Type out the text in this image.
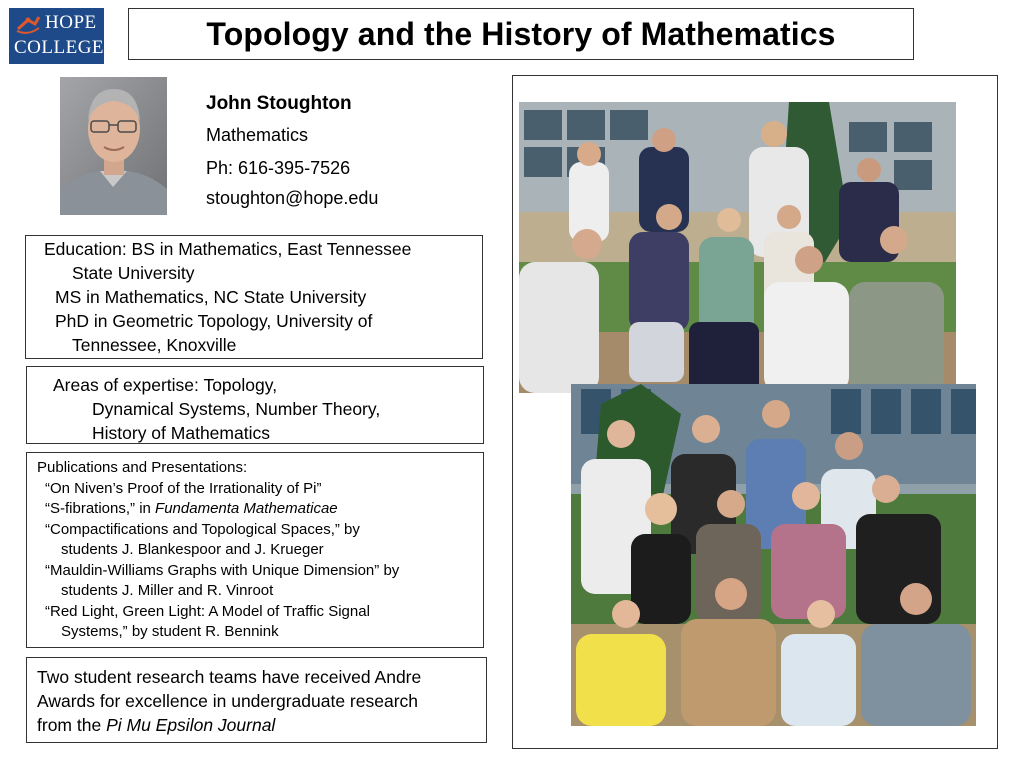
HOPE
COLLEGE	Topology and the History of Mathematics
John Stoughton
Mathematics
Ph: 616-395-7526
stoughton@hope.edu

Education: BS in Mathematics, East Tennessee

State University

MS in Mathematics, NC State University

PhD in Geometric Topology, University of

Tennessee, Knoxville

Areas of expertise: Topology,

Dynamical Systems, Number Theory,

History of Mathematics

Publications and Presentations:

“On Niven’s Proof of the Irrationality of Pi”

“S-fibrations,” in Fundamenta Mathematicae

“Compactifications and Topological Spaces,” by

students J. Blankespoor and J. Krueger

“Mauldin-Williams Graphs with Unique Dimension” by

students J. Miller and R. Vinroot

“Red Light, Green Light: A Model of Traffic Signal

Systems,” by student R. Bennink

Two student research teams have received Andre

Awards for excellence in undergraduate research

from the Pi Mu Epsilon Journal
